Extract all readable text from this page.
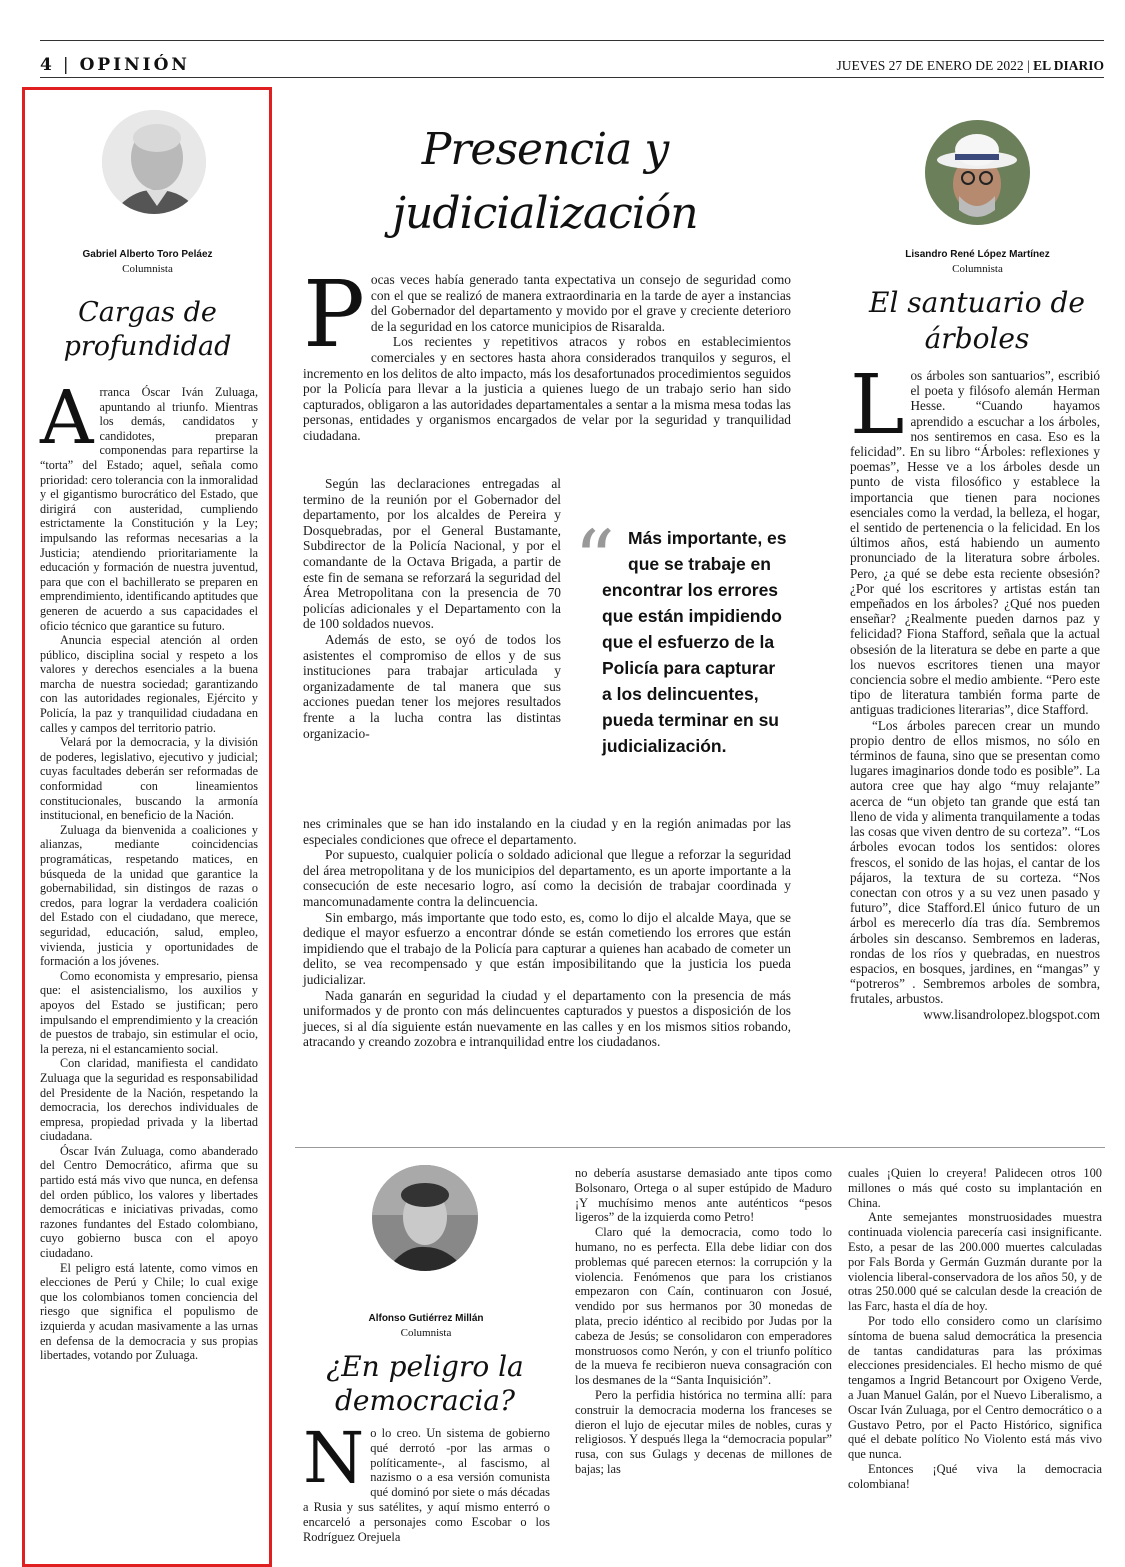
4 | OPINIÓN	JUEVES 27 DE ENERO DE 2022 | EL DIARIO
Gabriel Alberto Toro Peláez
Columnista
Cargas de profundidad

Arranca Óscar Iván Zuluaga, apuntando al triunfo. Mientras los demás, candidatos y candidotes, preparan componendas para repartirse la “torta” del Estado; aquel, señala como prioridad: cero tolerancia con la inmoralidad y el gigantismo burocrático del Estado, que dirigirá con austeridad, cumpliendo estrictamente la Constitución y la Ley; impulsando las reformas necesarias a la Justicia; atendiendo prioritariamente la educación y formación de nuestra juventud, para que con el bachillerato se preparen en emprendimiento, identificando aptitudes que generen de acuerdo a sus capacidades el oficio técnico que garantice su futuro.

Anuncia especial atención al orden público, disciplina social y respeto a los valores y derechos esenciales a la buena marcha de nuestra sociedad; garantizando con las autoridades regionales, Ejército y Policía, la paz y tranquilidad ciudadana en calles y campos del territorio patrio.

Velará por la democracia, y la división de poderes, legislativo, ejecutivo y judicial; cuyas facultades deberán ser reformadas de conformidad con lineamientos constitucionales, buscando la armonía institucional, en beneficio de la Nación.

Zuluaga da bienvenida a coaliciones y alianzas, mediante coincidencias programáticas, respetando matices, en búsqueda de la unidad que garantice la gobernabilidad, sin distingos de razas o credos, para lograr la verdadera coalición del Estado con el ciudadano, que merece, seguridad, educación, salud, empleo, vivienda, justicia y oportunidades de formación a los jóvenes.

Como economista y empresario, piensa que: el asistencialismo, los auxilios y apoyos del Estado se justifican; pero impulsando el emprendimiento y la creación de puestos de trabajo, sin estimular el ocio, la pereza, ni el estancamiento social.

Con claridad, manifiesta el candidato Zuluaga que la seguridad es responsabilidad del Presidente de la Nación, respetando la democracia, los derechos individuales de empresa, propiedad privada y la libertad ciudadana.

Óscar Iván Zuluaga, como abanderado del Centro Democrático, afirma que su partido está más vivo que nunca, en defensa del orden público, los valores y libertades democráticas e iniciativas privadas, como razones fundantes del Estado colombiano, cuyo gobierno busca con el apoyo ciudadano.

El peligro está latente, como vimos en elecciones de Perú y Chile; lo cual exige que los colombianos tomen conciencia del riesgo que significa el populismo de izquierda y acudan masivamente a las urnas en defensa de la democracia y sus propias libertades, votando por Zuluaga.

Presencia y
judicialización

Pocas veces había generado tanta expectativa un consejo de seguridad como con el que se realizó de manera extraordinaria en la tarde de ayer a instancias del Gobernador del departamento y movido por el grave y creciente deterioro de la seguridad en los catorce municipios de Risaralda.

Los recientes y repetitivos atracos y robos en establecimientos comerciales y en sectores hasta ahora considerados tranquilos y seguros, el incremento en los delitos de alto impacto, más los desafortunados procedimientos seguidos por la Policía para llevar a la justicia a quienes luego de un trabajo serio han sido capturados, obligaron a las autoridades departamentales a sentar a la misma mesa todas las personas, entidades y organismos encargados de velar por la seguridad y tranquilidad ciudadana.

Según las declaraciones entregadas al termino de la reunión por el Gobernador del departamento, por los alcaldes de Pereira y Dosquebradas, por el General Bustamante, Subdirector de la Policía Nacional, y por el comandante de la Octava Brigada, a partir de este fin de semana se reforzará la seguridad del Área Metropolitana con la presencia de 70 policías adicionales y el Departamento con la de 100 soldados nuevos.

Además de esto, se oyó de todos los asistentes el compromiso de ellos y de sus instituciones para trabajar articulada y organizadamente de tal manera que sus acciones puedan tener los mejores resultados frente a la lucha contra las distintas organizacio-

“ Más importante, es
que se trabaje en
encontrar los errores
que están impidiendo
que el esfuerzo de la
Policía para capturar
a los delincuentes,
pueda terminar en su
judicialización.

nes criminales que se han ido instalando en la ciudad y en la región animadas por las especiales condiciones que ofrece el departamento.

Por supuesto, cualquier policía o soldado adicional que llegue a reforzar la seguridad del área metropolitana y de los municipios del departamento, es un aporte importante a la consecución de este necesario logro, así como la decisión de trabajar coordinada y mancomunadamente contra la delincuencia.

Sin embargo, más importante que todo esto, es, como lo dijo el alcalde Maya, que se dedique el mayor esfuerzo a encontrar dónde se están cometiendo los errores que están impidiendo que el trabajo de la Policía para capturar a quienes han acabado de cometer un delito, se vea recompensado y que están imposibilitando que la justicia los pueda judicializar.

Nada ganarán en seguridad la ciudad y el departamento con la presencia de más uniformados y de pronto con más delincuentes capturados y puestos a disposición de los jueces, si al día siguiente están nuevamente en las calles y en los mismos sitios robando, atracando y creando zozobra e intranquilidad entre los ciudadanos.

Lisandro René López Martínez
Columnista
El santuario de
árboles

Los árboles son santuarios”, escribió el poeta y filósofo alemán Herman Hesse. “Cuando hayamos aprendido a escuchar a los árboles, nos sentiremos en casa. Eso es la felicidad”. En su libro “Árboles: reflexiones y poemas”, Hesse ve a los árboles desde un punto de vista filosófico y establece la importancia que tienen para nociones esenciales como la verdad, la belleza, el hogar, el sentido de pertenencia o la felicidad. En los últimos años, está habiendo un aumento pronunciado de la literatura sobre árboles. Pero, ¿a qué se debe esta reciente obsesión? ¿Por qué los escritores y artistas están tan empeñados en los árboles? ¿Qué nos pueden enseñar? ¿Realmente pueden darnos paz y felicidad? Fiona Stafford, señala que la actual obsesión de la literatura se debe en parte a que los nuevos escritores tienen una mayor conciencia sobre el medio ambiente. “Pero este tipo de literatura también forma parte de antiguas tradiciones literarias”, dice Stafford.

“Los árboles parecen crear un mundo propio dentro de ellos mismos, no sólo en términos de fauna, sino que se presentan como lugares imaginarios donde todo es posible”. La autora cree que hay algo “muy relajante” acerca de “un objeto tan grande que está tan lleno de vida y alimenta tranquilamente a todas las cosas que viven dentro de su corteza”. “Los árboles evocan todos los sentidos: olores frescos, el sonido de las hojas, el cantar de los pájaros, la textura de su corteza. “Nos conectan con otros y a su vez unen pasado y futuro”, dice Stafford.El único futuro de un árbol es merecerlo día tras día. Sembremos árboles sin descanso. Sembremos en laderas, rondas de los ríos y quebradas, en nuestros espacios, en bosques, jardines, en “mangas” y “potreros” . Sembremos arboles de sombra, frutales, arbustos.

www.lisandrolopez.blogspot.com

Alfonso Gutiérrez Millán
Columnista
¿En peligro la
democracia?

No lo creo. Un sistema de gobierno qué derrotó -por las armas o políticamente-, al fascismo, al nazismo o a esa versión comunista qué dominó por siete o más décadas a Rusia y sus satélites, y aquí mismo enterró o encarceló a personajes como Escobar o los Rodríguez Orejuela

no debería asustarse demasiado ante tipos como Bolsonaro, Ortega o al super estúpido de Maduro ¡Y muchísimo menos ante auténticos “pesos ligeros” de la izquierda como Petro!

Claro qué la democracia, como todo lo humano, no es perfecta. Ella debe lidiar con dos problemas qué parecen eternos: la corrupción y la violencia. Fenómenos que para los cristianos empezaron con Caín, continuaron con Josué, vendido por sus hermanos por 30 monedas de plata, precio idéntico al recibido por Judas por la cabeza de Jesús; se consolidaron con emperadores monstruosos como Nerón, y con el triunfo político de la mueva fe recibieron nueva consagración con los desmanes de la “Santa Inquisición”.

Pero la perfidia histórica no termina allí: para construir la democracia moderna los franceses se dieron el lujo de ejecutar miles de nobles, curas y religiosos. Y después llega la “democracia popular” rusa, con sus Gulags y decenas de millones de bajas; las

cuales ¡Quien lo creyera! Palidecen otros 100 millones o más qué costo su implantación en China.

Ante semejantes monstruosidades muestra continuada violencia parecería casi insignificante. Esto, a pesar de las 200.000 muertes calculadas por Fals Borda y Germán Guzmán durante por la violencia liberal-conservadora de los años 50, y de otras 250.000 qué se calculan desde la creación de las Farc, hasta el día de hoy.

Por todo ello considero como un clarísimo síntoma de buena salud democrática la presencia de tantas candidaturas para las próximas elecciones presidenciales. El hecho mismo de qué tengamos a Ingrid Betancourt por Oxigeno Verde, a Juan Manuel Galán, por el Nuevo Liberalismo, a Oscar Iván Zuluaga, por el Centro democrático o a Gustavo Petro, por el Pacto Histórico, significa qué el debate político No Violento está más vivo que nunca.

Entonces ¡Qué viva la democracia colombiana!
